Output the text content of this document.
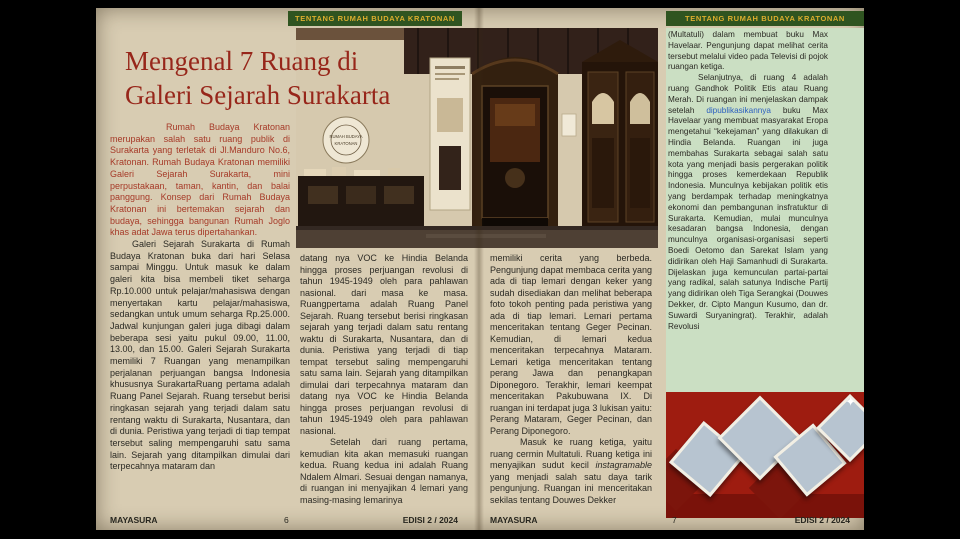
TENTANG RUMAH BUDAYA KRATONAN	TENTANG RUMAH BUDAYA KRATONAN
✦
Mengenal 7 Ruang di
Galeri Sejarah Surakarta
RUMAH BUDAYA
KRATONAN

Rumah Budaya Kratonan merupakan salah satu ruang publik di Surakarta yang terletak di Jl.Manduro No.6, Kratonan. Rumah Budaya Kratonan memiliki Galeri Sejarah Surakarta, mini perpustakaan, taman, kantin, dan balai panggung. Konsep dari Rumah Budaya Kratonan ini bertemakan sejarah dan budaya, sehingga bangunan Rumah Joglo khas adat Jawa terus dipertahankan.

Galeri Sejarah Surakarta di Rumah Budaya Kratonan buka dari hari Selasa sampai Minggu. Untuk masuk ke dalam galeri kita bisa membeli tiket seharga Rp.10.000 untuk pelajar/mahasiswa dengan menyertakan kartu pelajar/mahasiswa, sedangkan untuk umum seharga Rp.25.000. Jadwal kunjungan galeri juga dibagi dalam beberapa sesi yaitu pukul 09.00, 11.00, 13.00, dan 15.00. Galeri Sejarah Surakarta memiliki 7 Ruangan yang menampilkan perjalanan perjuangan bangsa Indonesia khususnya SurakartaRuang pertama adalah Ruang Panel Sejarah. Ruang tersebut berisi ringkasan sejarah yang terjadi dalam satu rentang waktu di Surakarta, Nusantara, dan di dunia. Peristiwa yang terjadi di tiap tempat tersebut saling mempengaruhi satu sama lain. Sejarah yang ditampilkan dimulai dari terpecahnya mataram dan

datang nya VOC ke Hindia Belanda hingga proses perjuangan revolusi di tahun 1945-1949 oleh para pahlawan nasional. dari masa ke masa. Ruangpertama adalah Ruang Panel Sejarah. Ruang tersebut berisi ringkasan sejarah yang terjadi dalam satu rentang waktu di Surakarta, Nusantara, dan di dunia. Peristiwa yang terjadi di tiap tempat tersebut saling mempengaruhi satu sama lain. Sejarah yang ditampilkan dimulai dari terpecahnya mataram dan datang nya VOC ke Hindia Belanda hingga proses perjuangan revolusi di tahun 1945-1949 oleh para pahlawan nasional.

Setelah dari ruang pertama, kemudian kita akan memasuki ruangan kedua. Ruang kedua ini adalah Ruang Ndalem Almari. Sesuai dengan namanya, di ruangan ini menyajikan 4 lemari yang masing-masing lemarinya

memiliki cerita yang berbeda. Pengunjung dapat membaca cerita yang ada di tiap lemari dengan keker yang sudah disediakan dan melihat beberapa foto tokoh penting pada peristiwa yang ada di tiap lemari. Lemari pertama menceritakan tentang Geger Pecinan. Kemudian, di lemari kedua menceritakan terpecahnya Mataram. Lemari ketiga menceritakan tentang perang Jawa dan penangkapan Diponegoro. Terakhir, lemari keempat menceritakan Pakubuwana IX. Di ruangan ini terdapat juga 3 lukisan yaitu: Perang Mataram, Geger Pecinan, dan Perang Diponegoro.

Masuk ke ruang ketiga, yaitu ruang cermin Multatuli. Ruang ketiga ini menyajikan sudut kecil instagramable yang menjadi salah satu daya tarik pengunjung. Ruangan ini menceritakan sekilas tentang Douwes Dekker

(Multatuli) dalam membuat buku Max Havelaar. Pengunjung dapat melihat cerita tersebut melalui video pada Televisi di pojok ruangan ketiga.

Selanjutnya, di ruang 4 adalah ruang Gandhok Politik Etis atau Ruang Merah. Di ruangan ini menjelaskan dampak setelah dipublikasikannya buku Max Havelaar yang membuat masyarakat Eropa mengetahui “kekejaman” yang dilakukan di Hindia Belanda. Ruangan ini juga membahas Surakarta sebagai salah satu kota yang menjadi basis pergerakan politik hingga proses kemerdekaan Republik Indonesia. Munculnya kebijakan politik etis yang berdampak terhadap meningkatnya ekonomi dan pembangunan insfratuktur di Surakarta. Kemudian, mulai munculnya kesadaran bangsa Indonesia, dengan munculnya organisasi-organisasi seperti Boedi Oetomo dan Sarekat Islam yang didirikan oleh Haji Samanhudi di Surakarta. Dijelaskan juga kemunculan partai-partai yang radikal, salah satunya Indische Partij yang didirikan oleh Tiga Serangkai (Douwes Dekker, dr. Cipto Mangun Kusumo, dan dr. Suwardi Suryaningrat). Terakhir, adalah Revolusi

MAYASURA	6	EDISI 2 / 2024	MAYASURA	7	EDISI 2 / 2024
